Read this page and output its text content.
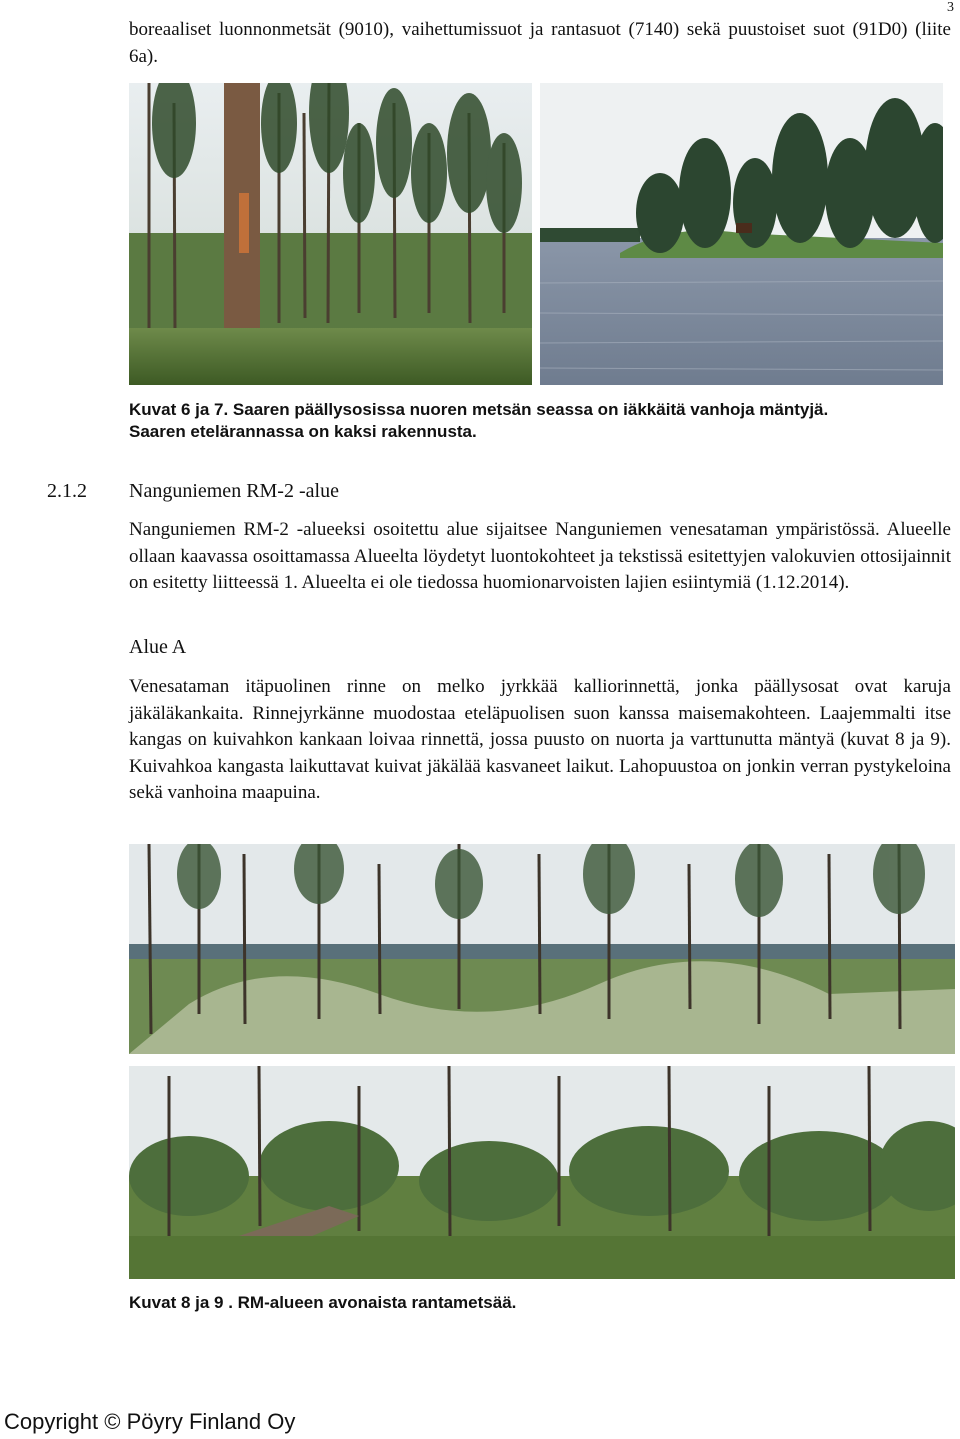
3
boreaaliset luonnonmetsät (9010), vaihettumissuot ja rantasuot (7140) sekä puustoiset suot (91D0) (liite 6a).
Kuvat 6 ja 7. Saaren päällysosissa nuoren metsän seassa on iäkkäitä vanhoja mäntyjä.
Saaren etelärannassa on kaksi rakennusta.
2.1.2 Nanguniemen RM-2 -alue
Nanguniemen RM-2 -alueeksi osoitettu alue sijaitsee Nanguniemen venesataman ympäristössä. Alueelle ollaan kaavassa osoittamassa Alueelta löydetyt luontokohteet ja tekstissä esitettyjen valokuvien ottosijainnit on esitetty liitteessä 1. Alueelta ei ole tiedossa huomionarvoisten lajien esiintymiä (1.12.2014).
Alue A
Venesataman itäpuolinen rinne on melko jyrkkää kalliorinnettä, jonka päällysosat ovat karuja jäkäläkankaita. Rinnejyrkänne muodostaa eteläpuolisen suon kanssa maisemakohteen. Laajemmalti itse kangas on kuivahkon kankaan loivaa rinnettä, jossa puusto on nuorta ja varttunutta mäntyä (kuvat 8 ja 9). Kuivahkoa kangasta laikuttavat kuivat jäkälää kasvaneet laikut. Lahopuustoa on jonkin verran pystykeloina sekä vanhoina maapuina.
Kuvat 8 ja 9 . RM-alueen avonaista rantametsää.
Copyright © Pöyry Finland Oy
